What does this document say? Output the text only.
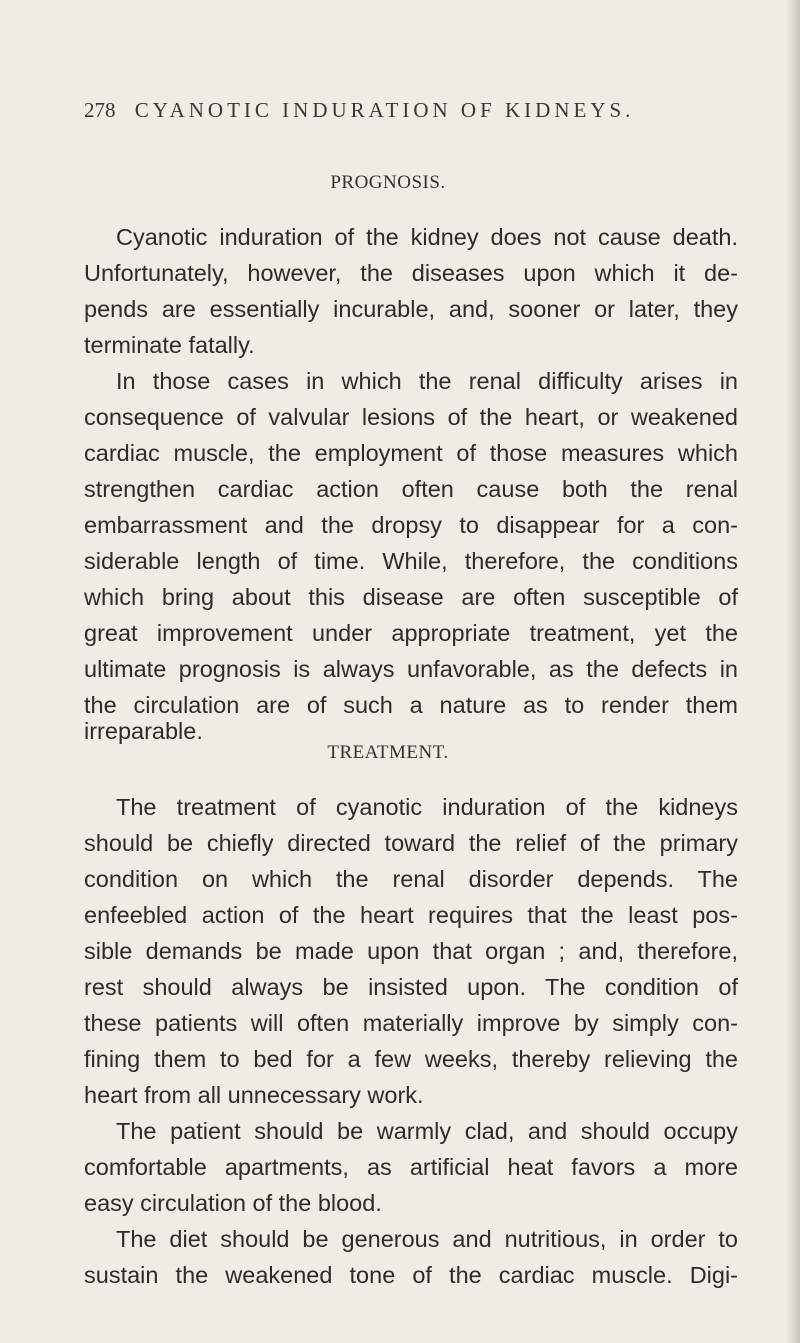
278 CYANOTIC INDURATION OF KIDNEYS.
PROGNOSIS.
Cyanotic induration of the kidney does not cause death.
Unfortunately, however, the diseases upon which it de-
pends are essentially incurable, and, sooner or later, they
terminate fatally.
In those cases in which the renal difficulty arises in
consequence of valvular lesions of the heart, or weakened
cardiac muscle, the employment of those measures which
strengthen cardiac action often cause both the renal
embarrassment and the dropsy to disappear for a con-
siderable length of time. While, therefore, the conditions
which bring about this disease are often susceptible of
great improvement under appropriate treatment, yet the
ultimate prognosis is always unfavorable, as the defects in
the circulation are of such a nature as to render them
irreparable.
TREATMENT.
The treatment of cyanotic induration of the kidneys
should be chiefly directed toward the relief of the primary
condition on which the renal disorder depends. The
enfeebled action of the heart requires that the least pos-
sible demands be made upon that organ ; and, therefore,
rest should always be insisted upon. The condition of
these patients will often materially improve by simply con-
fining them to bed for a few weeks, thereby relieving the
heart from all unnecessary work.
The patient should be warmly clad, and should occupy
comfortable apartments, as artificial heat favors a more
easy circulation of the blood.
The diet should be generous and nutritious, in order to
sustain the weakened tone of the cardiac muscle. Digi-
